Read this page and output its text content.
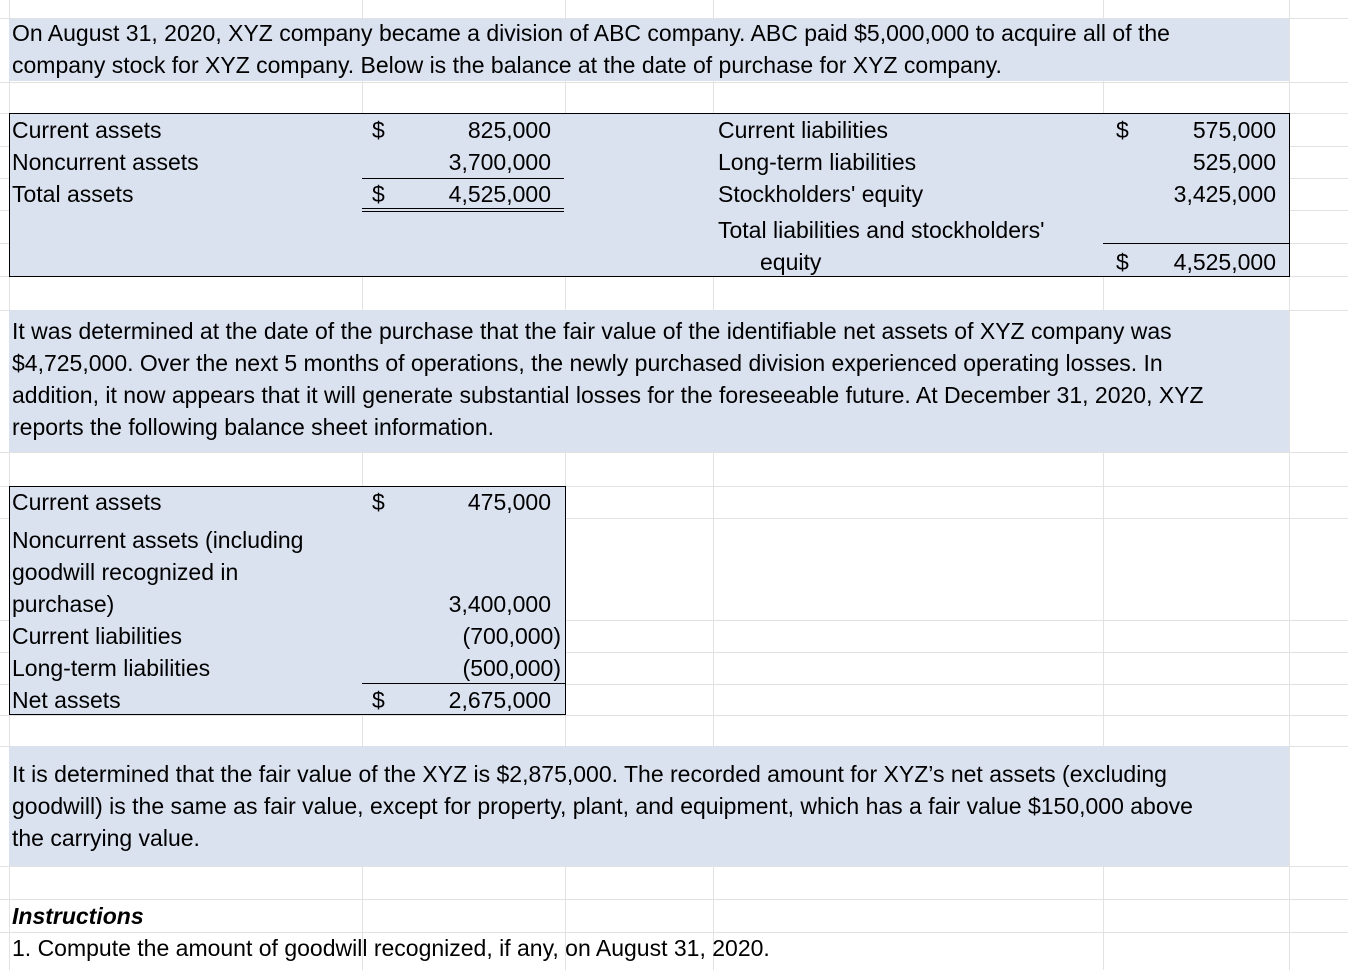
On August 31, 2020, XYZ company became a division of ABC company. ABC paid $5,000,000 to acquire all of the
company stock for XYZ company. Below is the balance at the date of purchase for XYZ company.
Current assets	$	825,000
Noncurrent assets	3,700,000
Total assets	$	4,525,000
Current liabilities	$	575,000
Long-term liabilities	525,000
Stockholders' equity	3,425,000
Total liabilities and stockholders'
equity	$	4,525,000
It was determined at the date of the purchase that the fair value of the identifiable net assets of XYZ company was
$4,725,000. Over the next 5 months of operations, the newly purchased division experienced operating losses. In
addition, it now appears that it will generate substantial losses for the foreseeable future. At December 31, 2020, XYZ
reports the following balance sheet information.
Current assets	$	475,000
Noncurrent assets (including
goodwill recognized in
purchase)	3,400,000
Current liabilities	(700,000)
Long-term liabilities	(500,000)
Net assets	$	2,675,000
It is determined that the fair value of the XYZ is $2,875,000. The recorded amount for XYZ’s net assets (excluding
goodwill) is the same as fair value, except for property, plant, and equipment, which has a fair value $150,000 above
the carrying value.
Instructions
1. Compute the amount of goodwill recognized, if any, on August 31, 2020.
